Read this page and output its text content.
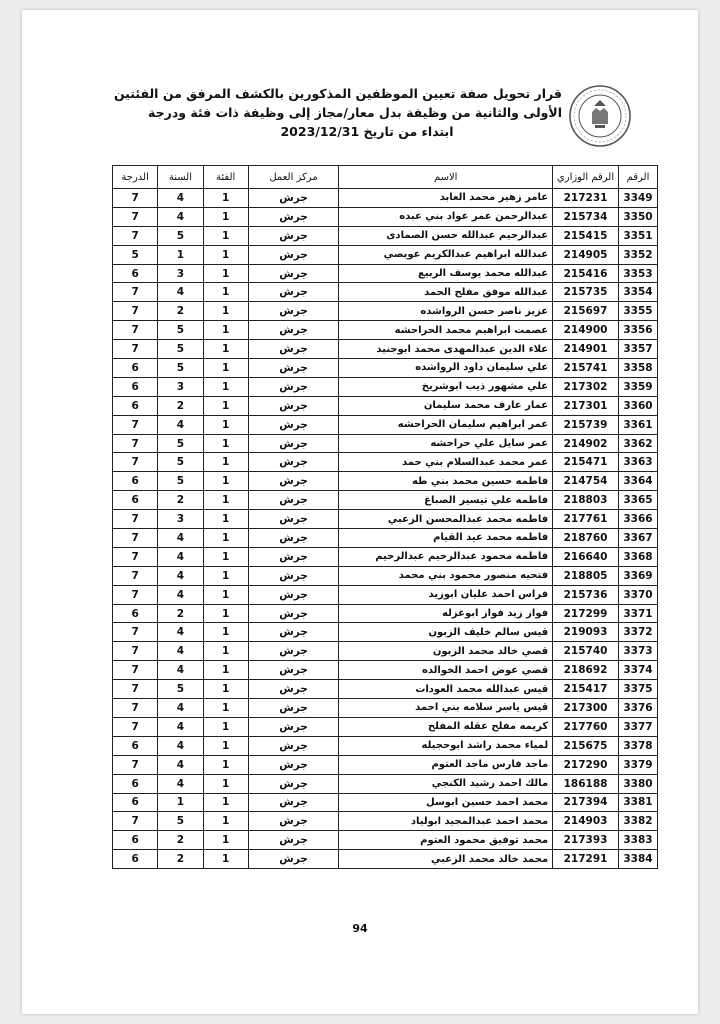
قرار تحويل صفة تعيين الموظفين المذكورين بالكشف المرفق من الفئتين
الأولى والثانية من وظيفة بدل معار/مجاز إلى وظيفة ذات فئة ودرجة
ابتداء من تاريخ 2023/12/31
الرقم	الرقم الوزاري	الاسم	مركز العمل	الفئة	السنة	الدرجة
3349	217231	عامر زهير محمد العابد	جرش	1	4	7
3350	215734	عبدالرحمن عمر عواد بني عبده	جرش	1	4	7
3351	215415	عبدالرحيم عبدالله حسن الصمادى	جرش	1	5	7
3352	214905	عبدالله ابراهيم عبدالكريم عويصي	جرش	1	1	5
3353	215416	عبدالله محمد يوسف الربيع	جرش	1	3	6
3354	215735	عبدالله موفق مفلح الحمد	جرش	1	4	7
3355	215697	عزيز ناصر حسن الرواشده	جرش	1	2	7
3356	214900	عصمت ابراهيم محمد الحراحشه	جرش	1	5	7
3357	214901	علاء الدين عبدالمهدى محمد ابوجنيد	جرش	1	5	7
3358	215741	علي سليمان داود الرواشده	جرش	1	5	6
3359	217302	علي مشهور ذيب ابوشريخ	جرش	1	3	6
3360	217301	عمار عارف محمد سليمان	جرش	1	2	6
3361	215739	عمر ابراهيم سليمان الحراحشه	جرش	1	4	7
3362	214902	عمر سايل علي حراحشه	جرش	1	5	7
3363	215471	عمر محمد عبدالسلام بني حمد	جرش	1	5	7
3364	214754	فاطمه حسين محمد بني طه	جرش	1	5	6
3365	218803	فاطمه علي تيسير الصباغ	جرش	1	2	6
3366	217761	فاطمه محمد عبدالمحسن الزعبي	جرش	1	3	7
3367	218760	فاطمه محمد عيد القيام	جرش	1	4	7
3368	216640	فاطمه محمود عبدالرحيم عبدالرحيم	جرش	1	4	7
3369	218805	فتحيه منصور محمود بني محمد	جرش	1	4	7
3370	215736	فراس احمد عليان ابوزيد	جرش	1	4	7
3371	217299	فواز زيد فواز ابوغزله	جرش	1	2	6
3372	219093	قيس سالم خليف الزبون	جرش	1	4	7
3373	215740	قصي خالد محمد الزبون	جرش	1	4	7
3374	218692	قصي عوض احمد الخوالده	جرش	1	4	7
3375	215417	قيس عبدالله محمد العودات	جرش	1	5	7
3376	217300	قيس ياسر سلامه بني احمد	جرش	1	4	7
3377	217760	كريمه مفلح عقله المفلح	جرش	1	4	7
3378	215675	لمياء محمد راشد ابوحجيله	جرش	1	4	6
3379	217290	ماجد فارس ماجد العتوم	جرش	1	4	7
3380	186188	مالك احمد رشيد الكنجي	جرش	1	4	6
3381	217394	محمد احمد حسين ابوسل	جرش	1	1	6
3382	214903	محمد احمد عبدالمجيد ابولياد	جرش	1	5	7
3383	217393	محمد توفيق محمود العتوم	جرش	1	2	6
3384	217291	محمد خالد محمد الزعبي	جرش	1	2	6
94
